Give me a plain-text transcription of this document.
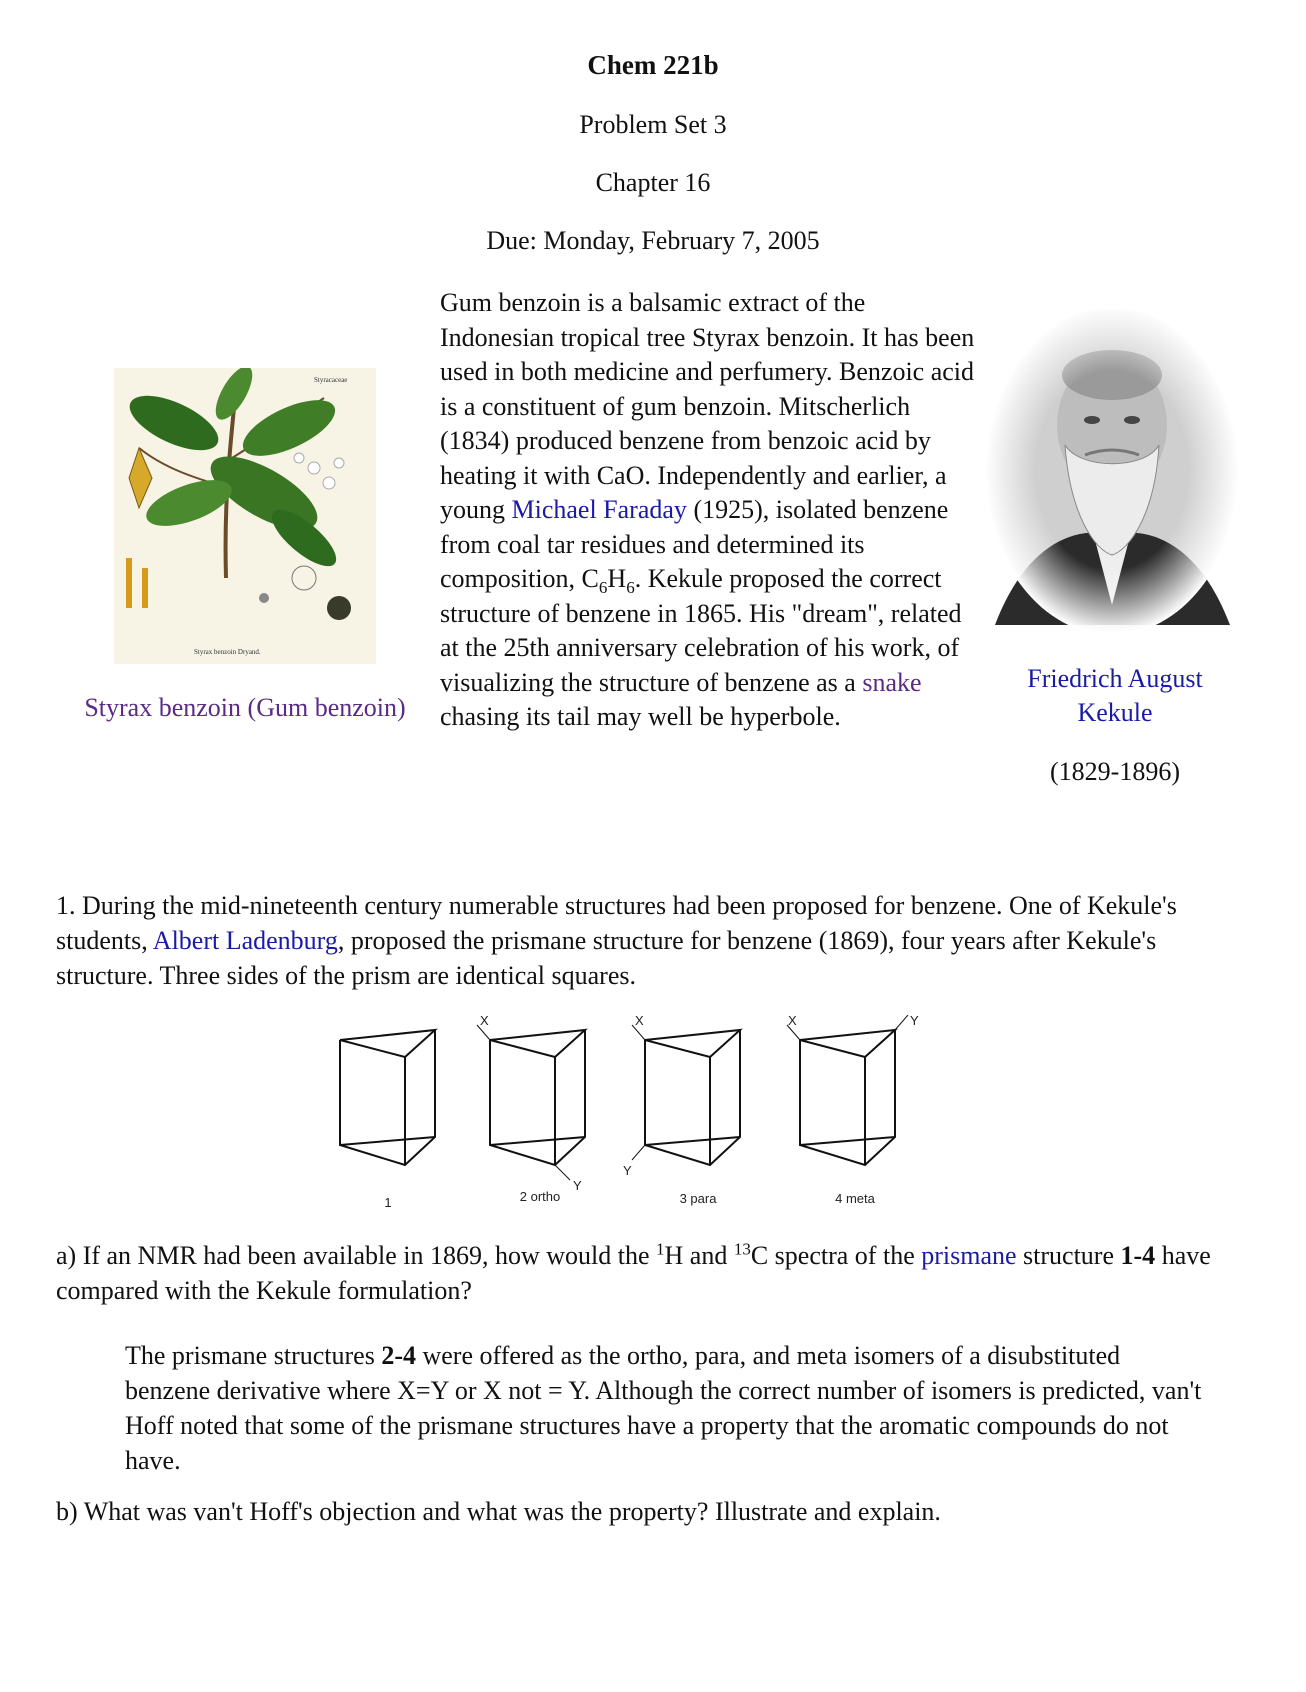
Chem 221b
Problem Set 3
Chapter 16
Due: Monday, February 7, 2005
Styracaceae
Styrax benzoin Dryand.
Styrax benzoin (Gum benzoin)
Gum benzoin is a balsamic extract of the Indonesian tropical tree Styrax benzoin. It has been used in both medicine and perfumery. Benzoic acid is a constituent of gum benzoin. Mitscherlich (1834) produced benzene from benzoic acid by heating it with CaO. Independently and earlier, a young Michael Faraday (1925), isolated benzene from coal tar residues and determined its composition, $C_6H_6$. Kekule proposed the correct structure of benzene in 1865. His "dream", related at the 25th anniversary celebration of his work, of visualizing the structure of benzene as a snake chasing its tail may well be hyperbole.
Friedrich August Kekule
(1829-1896)
1. During the mid-nineteenth century numerable structures had been proposed for benzene. One of Kekule's students, Albert Ladenburg, proposed the prismane structure for benzene (1869), four years after Kekule's structure. Three sides of the prism are identical squares.
X
Y
X
Y
X	Y
1	2 ortho	3 para	4 meta
a) If an NMR had been available in 1869, how would the $^1$H and $^{13}$C spectra of the prismane structure 1-4 have compared with the Kekule formulation?
The prismane structures 2-4 were offered as the ortho, para, and meta isomers of a disubstituted benzene derivative where X=Y or X not = Y. Although the correct number of isomers is predicted, van't Hoff noted that some of the prismane structures have a property that the aromatic compounds do not have.
b) What was van't Hoff's objection and what was the property? Illustrate and explain.
